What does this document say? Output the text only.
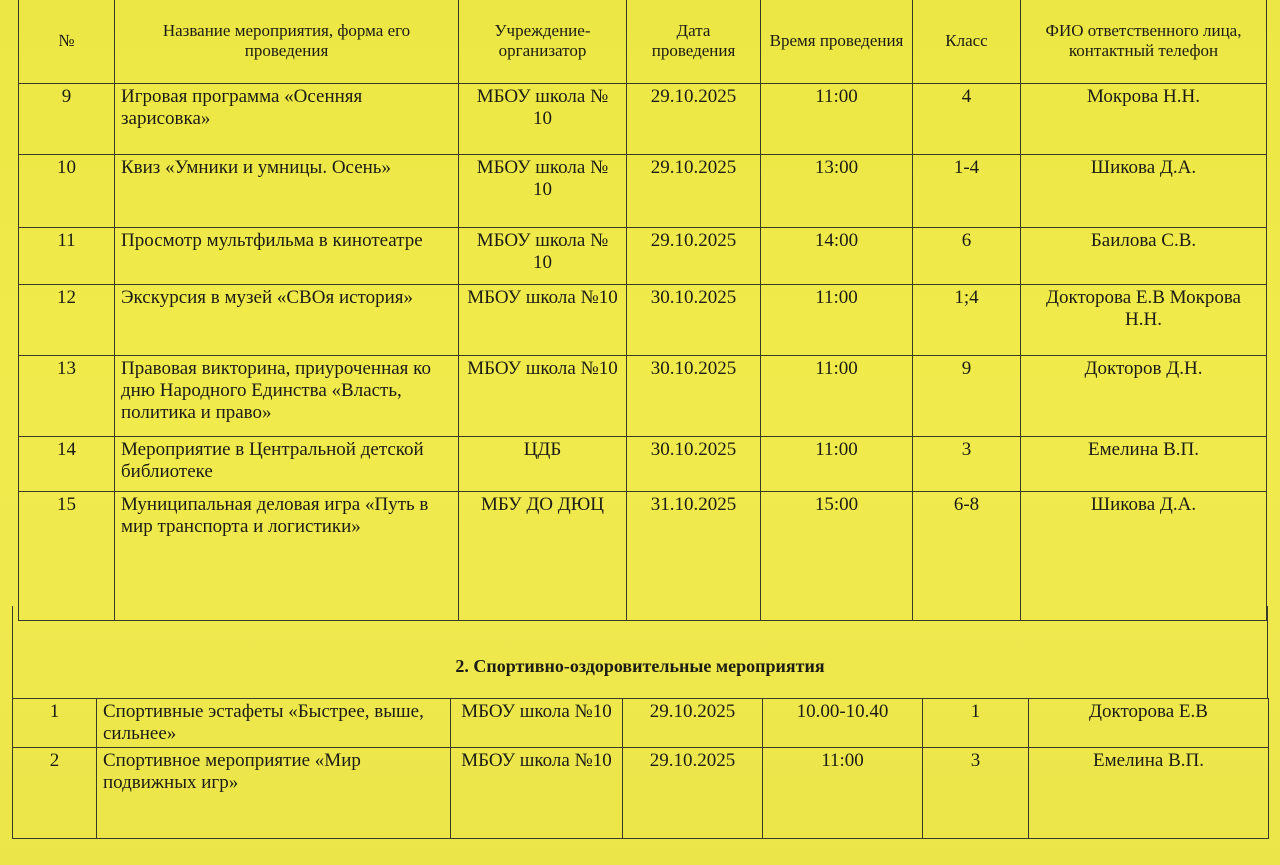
№	Название мероприятия, форма его проведения	Учреждение-организатор	Дата проведения	Время проведения	Класс	ФИО ответственного лица, контактный телефон
9	Игровая программа «Осенняя зарисовка»	МБОУ школа № 10	29.10.2025	11:00	4	Мокрова Н.Н.
10	Квиз «Умники и умницы. Осень»	МБОУ школа № 10	29.10.2025	13:00	1-4	Шикова Д.А.
11	Просмотр мультфильма в кинотеатре	МБОУ школа № 10	29.10.2025	14:00	6	Баилова С.В.
12	Экскурсия в музей «СВОя история»	МБОУ школа №10	30.10.2025	11:00	1;4	Докторова Е.В Мокрова Н.Н.
13	Правовая викторина, приуроченная ко дню Народного Единства «Власть, политика и право»	МБОУ школа №10	30.10.2025	11:00	9	Докторов Д.Н.
14	Мероприятие в Центральной детской библиотеке	ЦДБ	30.10.2025	11:00	3	Емелина В.П.
15	Муниципальная деловая игра «Путь в мир транспорта и логистики»	МБУ ДО ДЮЦ	31.10.2025	15:00	6-8	Шикова Д.А.
2. Спортивно-оздоровительные мероприятия
1	Спортивные эстафеты «Быстрее, выше, сильнее»	МБОУ школа №10	29.10.2025	10.00-10.40	1	Докторова Е.В
2	Спортивное мероприятие «Мир подвижных игр»	МБОУ школа №10	29.10.2025	11:00	3	Емелина В.П.
